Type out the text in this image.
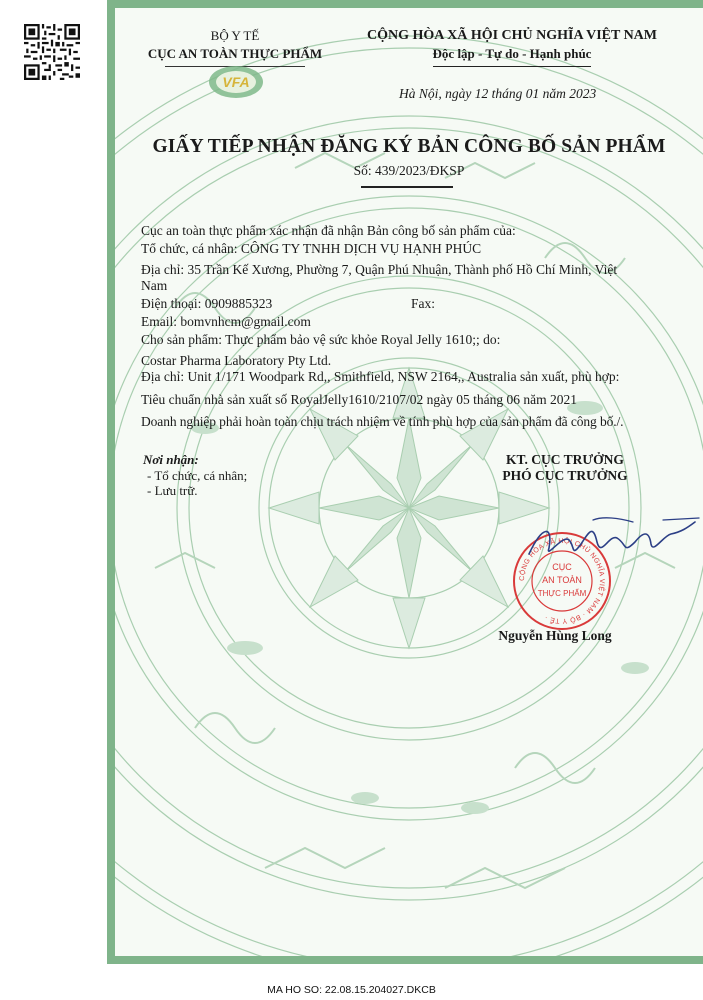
BỘ Y TẾ
CỤC AN TOÀN THỰC PHẨM
VFA
CỘNG HÒA XÃ HỘI CHỦ NGHĨA VIỆT NAM
Độc lập - Tự do - Hạnh phúc
Hà Nội, ngày 12 tháng 01 năm 2023
GIẤY TIẾP NHẬN ĐĂNG KÝ BẢN CÔNG BỐ SẢN PHẨM
Số: 439/2023/ĐKSP
Cục an toàn thực phẩm xác nhận đã nhận Bản công bố sản phẩm của:
Tổ chức, cá nhân: CÔNG TY TNHH DỊCH VỤ HẠNH PHÚC
Địa chỉ: 35 Trần Kế Xương, Phường 7, Quận Phú Nhuận, Thành phố Hồ Chí Minh, Việt
Nam
Điện thoại: 0909885323	Fax:
Email: bomvnhcm@gmail.com
Cho sản phẩm: Thực phẩm bảo vệ sức khỏe Royal Jelly 1610;; do:
Costar Pharma Laboratory Pty Ltd.
Địa chỉ: Unit 1/171 Woodpark Rd,, Smithfield, NSW 2164,, Australia sản xuất, phù hợp:
Tiêu chuẩn nhà sản xuất số RoyalJelly1610/2107/02 ngày 05 tháng 06 năm 2021
Doanh nghiệp phải hoàn toàn chịu trách nhiệm về tính phù hợp của sản phẩm đã công bố./.
Nơi nhận:
- Tổ chức, cá nhân;
- Lưu trữ.
KT. CỤC TRƯỞNG
PHÓ CỤC TRƯỞNG
CỘNG HÒA XÃ HỘI CHỦ NGHĨA VIỆT NAM · BỘ Y TẾ ·
CỤC
AN TOÀN
THỰC PHẨM
Nguyễn Hùng Long
MA HO SO: 22.08.15.204027.DKCB
